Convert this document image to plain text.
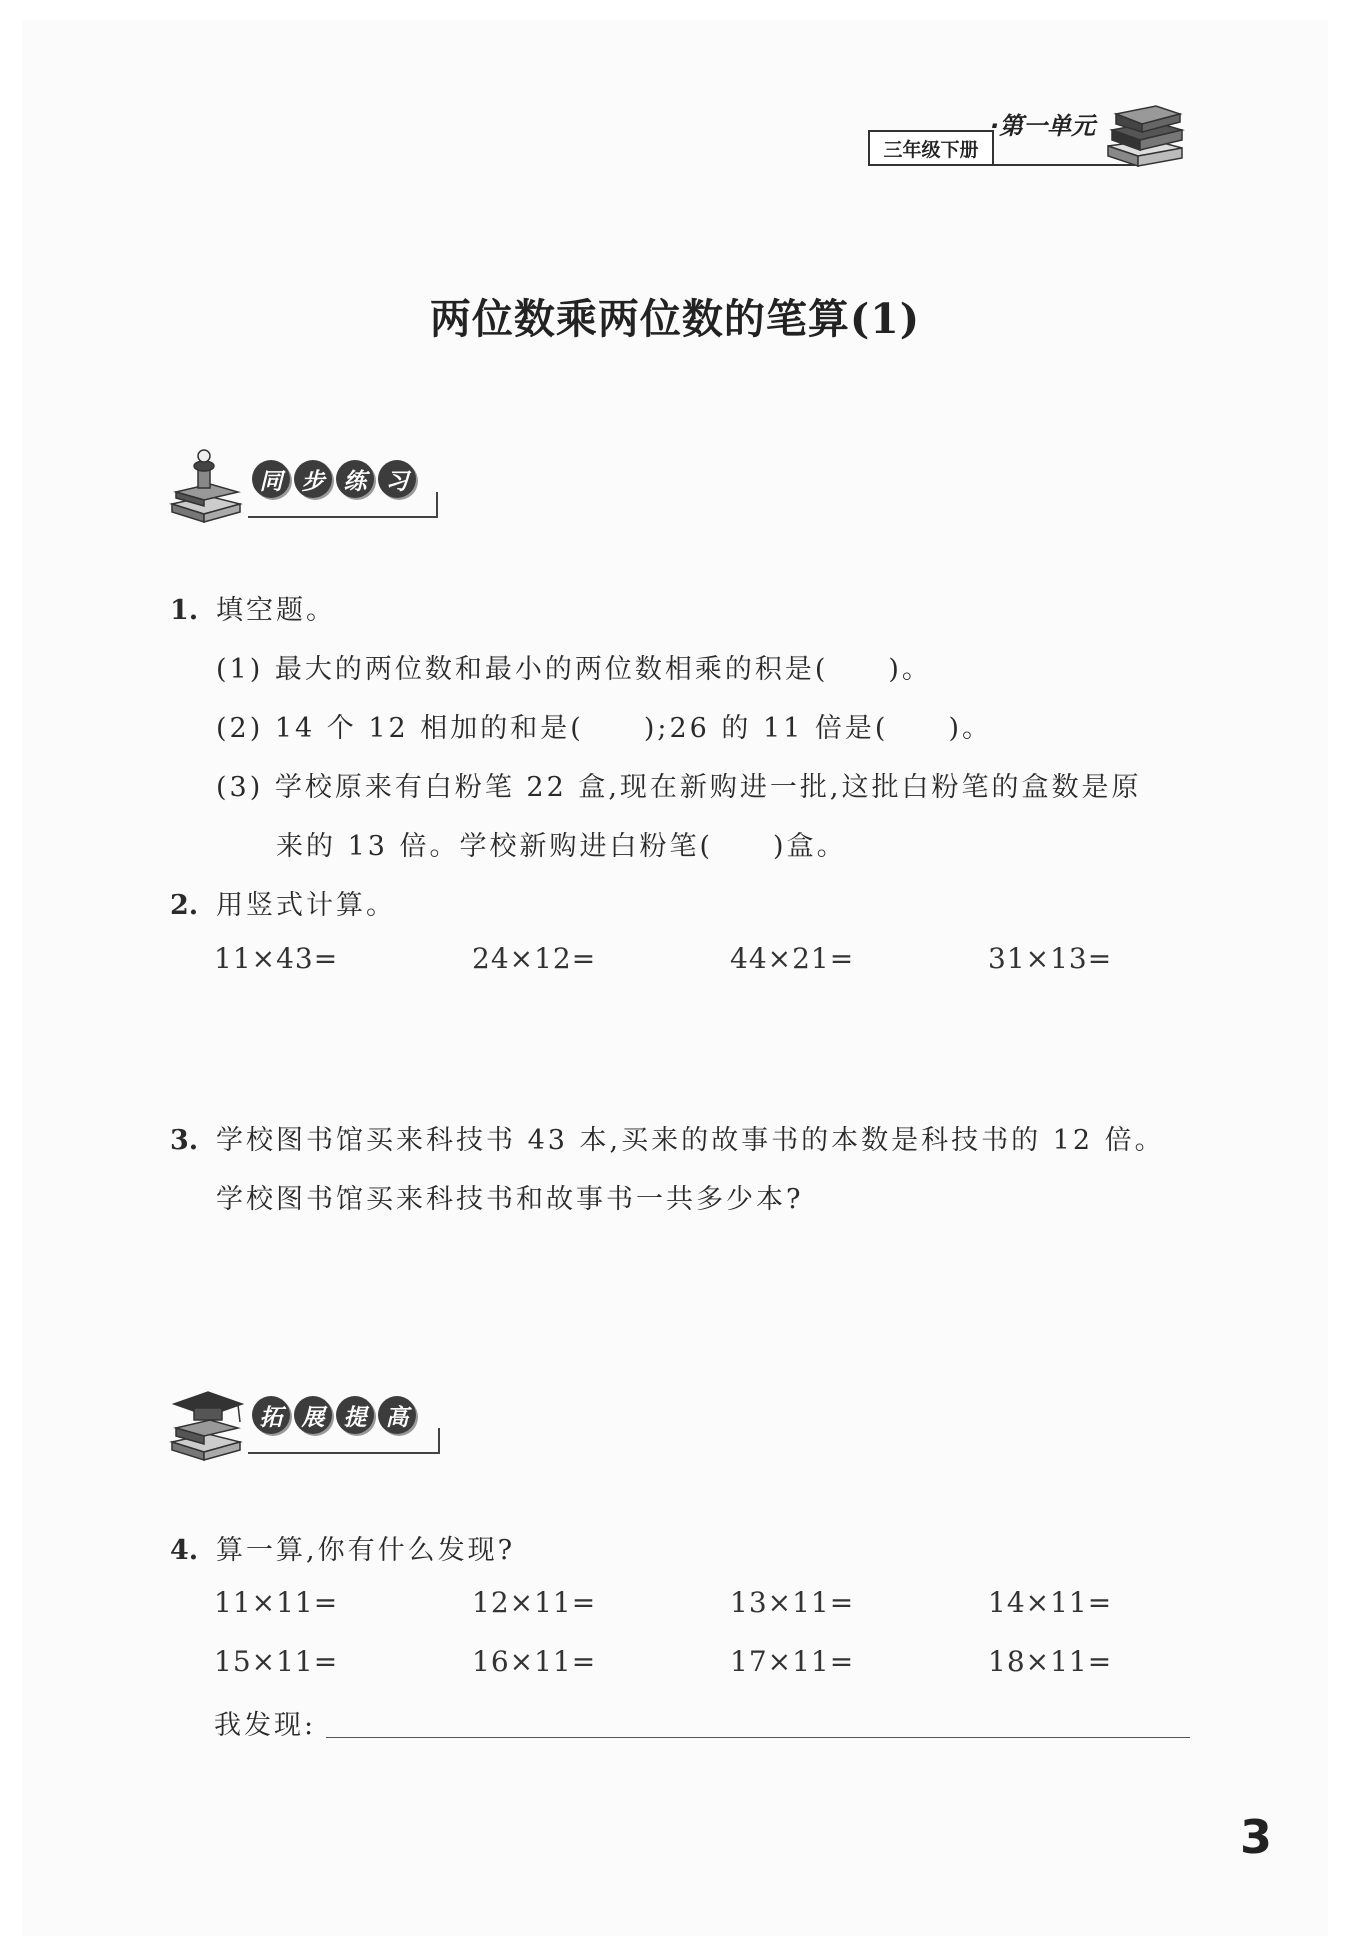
三年级下册
·第一单元
两位数乘两位数的笔算(1)
同 步 练 习
1. 填空题。
(1) 最大的两位数和最小的两位数相乘的积是(　　)。
(2) 14 个 12 相加的和是(　　);26 的 11 倍是(　　)。
(3) 学校原来有白粉笔 22 盒,现在新购进一批,这批白粉笔的盒数是原
来的 13 倍。学校新购进白粉笔(　　)盒。
2. 用竖式计算。
11×43=	24×12=	44×21=	31×13=
3. 学校图书馆买来科技书 43 本,买来的故事书的本数是科技书的 12 倍。
学校图书馆买来科技书和故事书一共多少本?
拓 展 提 高
4. 算一算,你有什么发现?
11×11=	12×11=	13×11=	14×11=
15×11=	16×11=	17×11=	18×11=
我发现:
3
